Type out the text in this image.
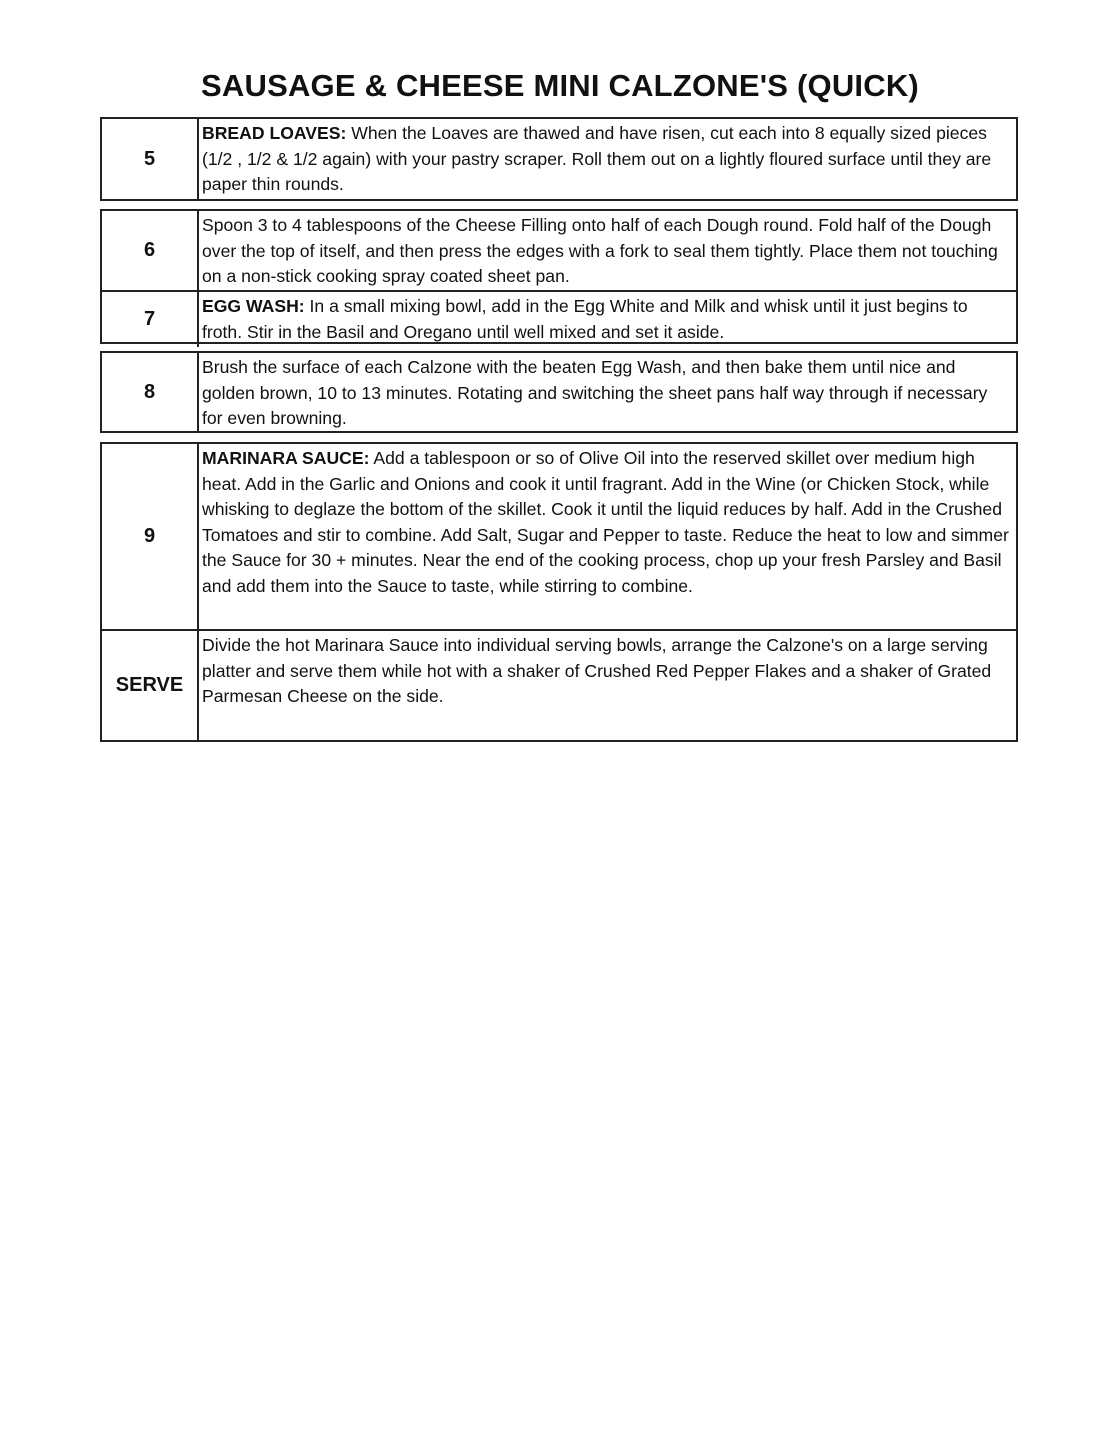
SAUSAGE & CHEESE MINI CALZONE'S (QUICK)
5
BREAD LOAVES: When the Loaves are thawed and have risen, cut each into 8 equally sized pieces (1/2 , 1/2 & 1/2 again) with your pastry scraper. Roll them out on a lightly floured surface until they are paper thin rounds.
6
Spoon 3 to 4 tablespoons of the Cheese Filling onto half of each Dough round. Fold half of the Dough over the top of itself, and then press the edges with a fork to seal them tightly. Place them not touching on a non-stick cooking spray coated sheet pan.
7
EGG WASH: In a small mixing bowl, add in the Egg White and Milk and whisk until it just begins to froth. Stir in the Basil and Oregano until well mixed and set it aside.
8
Brush the surface of each Calzone with the beaten Egg Wash, and then bake them until nice and golden brown, 10 to 13 minutes. Rotating and switching the sheet pans half way through if necessary for even browning.
9
MARINARA SAUCE: Add a tablespoon or so of Olive Oil into the reserved skillet over medium high heat. Add in the Garlic and Onions and cook it until fragrant. Add in the Wine (or Chicken Stock, while whisking to deglaze the bottom of the skillet. Cook it until the liquid reduces by half. Add in the Crushed Tomatoes and stir to combine. Add Salt, Sugar and Pepper to taste. Reduce the heat to low and simmer the Sauce for 30 + minutes. Near the end of the cooking process, chop up your fresh Parsley and Basil and add them into the Sauce to taste, while stirring to combine.
SERVE
Divide the hot Marinara Sauce into individual serving bowls, arrange the Calzone's on a large serving platter and serve them while hot with a shaker of Crushed Red Pepper Flakes and a shaker of Grated Parmesan Cheese on the side.
